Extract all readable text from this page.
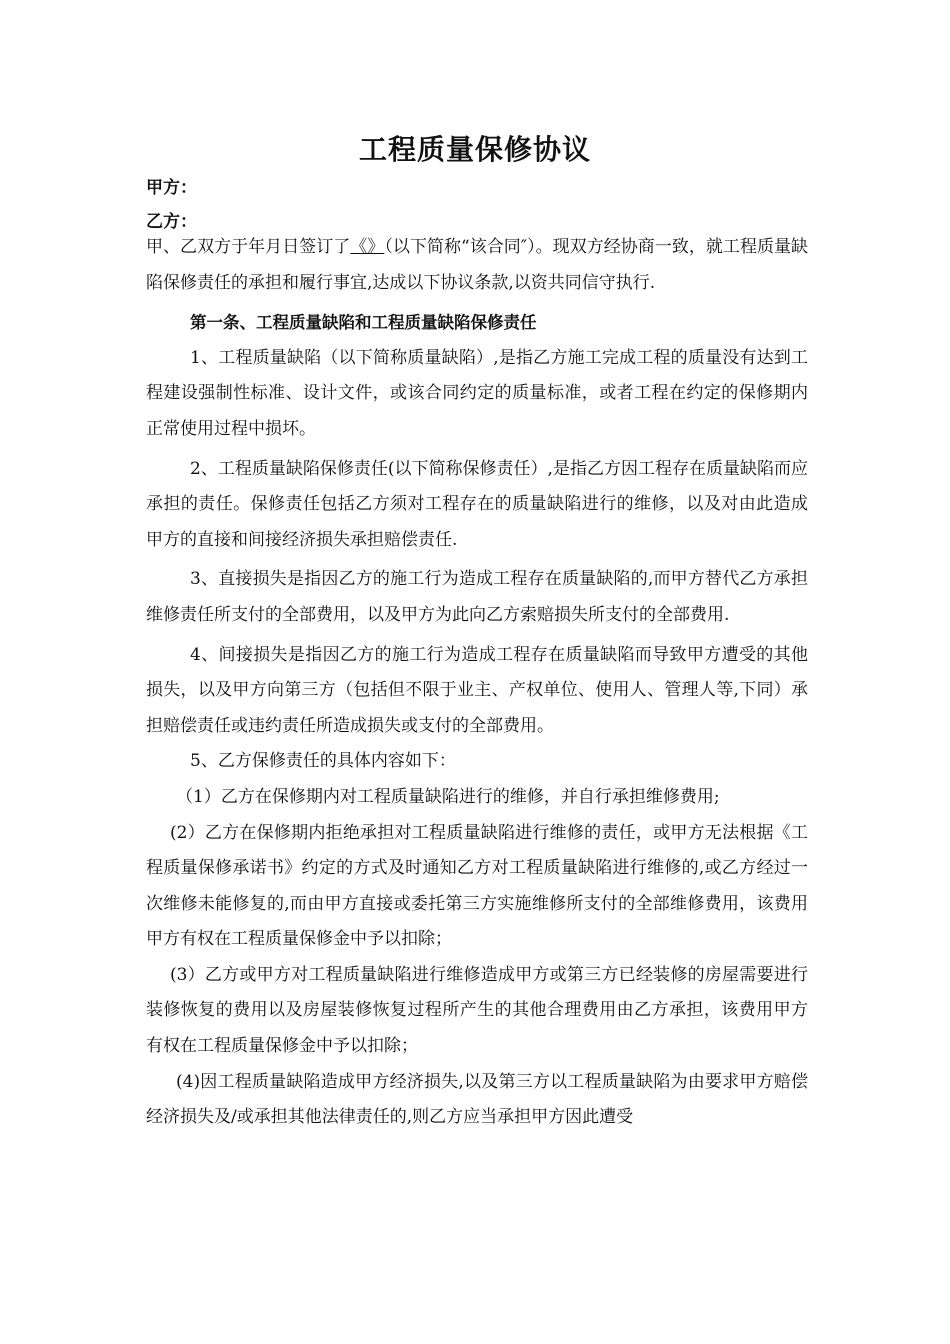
工程质量保修协议
甲方：
乙方：

甲、乙双方于年月日签订了《》（以下简称“该合同″）。现双方经协商一致，就工程质量缺陷保修责任的承担和履行事宜,达成以下协议条款,以资共同信守执行.

第一条、工程质量缺陷和工程质量缺陷保修责任

1、工程质量缺陷（以下简称质量缺陷）,是指乙方施工完成工程的质量没有达到工程建设强制性标准、设计文件，或该合同约定的质量标准，或者工程在约定的保修期内正常使用过程中损坏。

2、工程质量缺陷保修责任(以下简称保修责任）,是指乙方因工程存在质量缺陷而应承担的责任。保修责任包括乙方须对工程存在的质量缺陷进行的维修，以及对由此造成甲方的直接和间接经济损失承担赔偿责任.

3、直接损失是指因乙方的施工行为造成工程存在质量缺陷的,而甲方替代乙方承担维修责任所支付的全部费用，以及甲方为此向乙方索赔损失所支付的全部费用.

4、间接损失是指因乙方的施工行为造成工程存在质量缺陷而导致甲方遭受的其他损失，以及甲方向第三方（包括但不限于业主、产权单位、使用人、管理人等,下同）承担赔偿责任或违约责任所造成损失或支付的全部费用。

5、乙方保修责任的具体内容如下：

（1）乙方在保修期内对工程质量缺陷进行的维修，并自行承担维修费用;

(2）乙方在保修期内拒绝承担对工程质量缺陷进行维修的责任，或甲方无法根据《工程质量保修承诺书》约定的方式及时通知乙方对工程质量缺陷进行维修的,或乙方经过一次维修未能修复的,而由甲方直接或委托第三方实施维修所支付的全部维修费用，该费用甲方有权在工程质量保修金中予以扣除；

(3）乙方或甲方对工程质量缺陷进行维修造成甲方或第三方已经装修的房屋需要进行装修恢复的费用以及房屋装修恢复过程所产生的其他合理费用由乙方承担，该费用甲方有权在工程质量保修金中予以扣除；

(4)因工程质量缺陷造成甲方经济损失,以及第三方以工程质量缺陷为由要求甲方赔偿经济损失及/或承担其他法律责任的,则乙方应当承担甲方因此遭受
